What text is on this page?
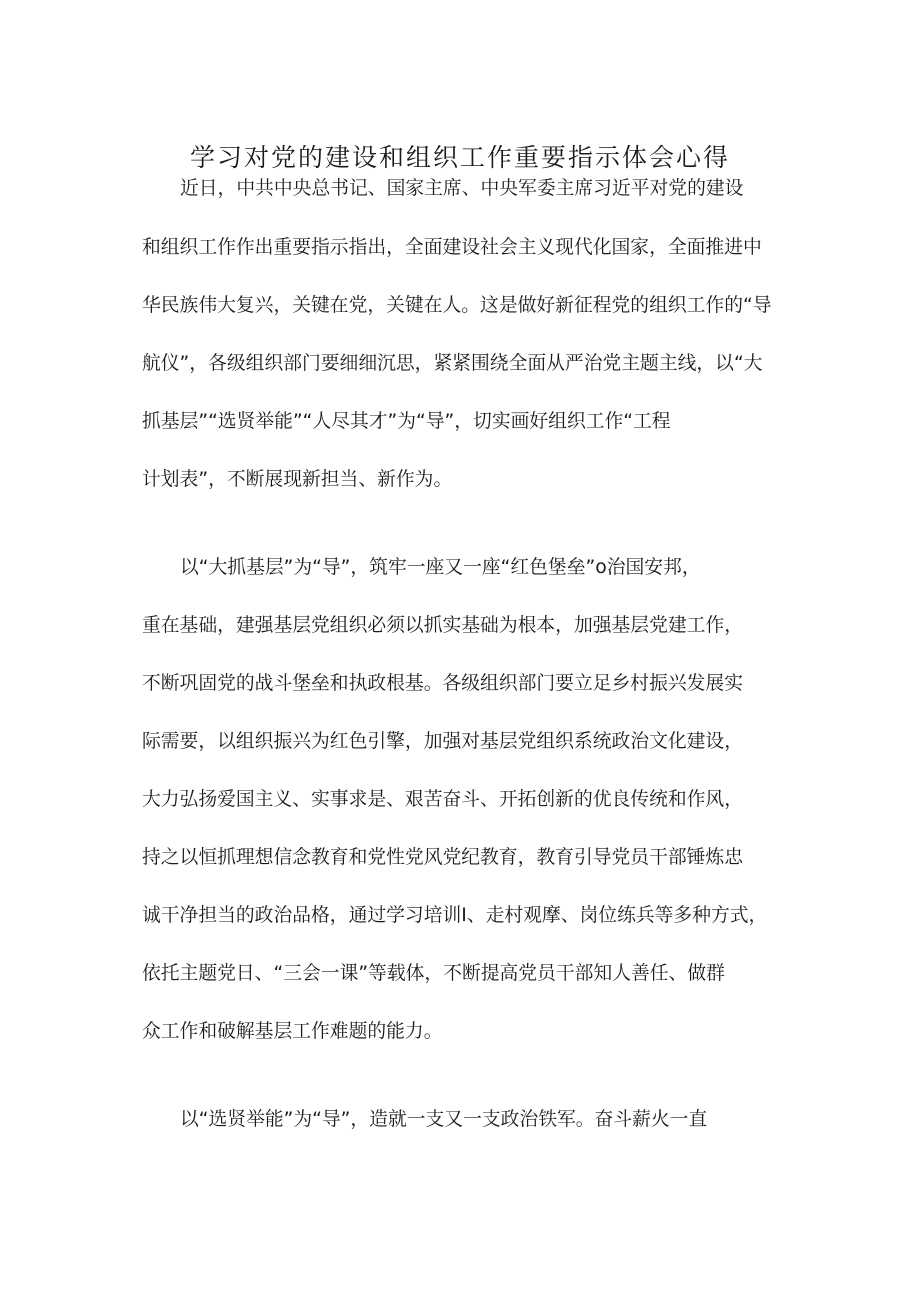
学习对党的建设和组织工作重要指示体会心得

近日，中共中央总书记、国家主席、中央军委主席习近平对党的建设

和组织工作作出重要指示指出，全面建设社会主义现代化国家，全面推进中

华民族伟大复兴，关键在党，关键在人。这是做好新征程党的组织工作的“导

航仪”，各级组织部门要细细沉思，紧紧围绕全面从严治党主题主线，以“大

抓基层”“选贤举能”“人尽其才”为“导”，切实画好组织工作“工程

计划表”，不断展现新担当、新作为。

以“大抓基层”为“导”，筑牢一座又一座“红色堡垒”o治国安邦，

重在基础，建强基层党组织必须以抓实基础为根本，加强基层党建工作，

不断巩固党的战斗堡垒和执政根基。各级组织部门要立足乡村振兴发展实

际需要，以组织振兴为红色引擎，加强对基层党组织系统政治文化建设，

大力弘扬爱国主义、实事求是、艰苦奋斗、开拓创新的优良传统和作风，

持之以恒抓理想信念教育和党性党风党纪教育，教育引导党员干部锤炼忠

诚干净担当的政治品格，通过学习培训I、走村观摩、岗位练兵等多种方式，

依托主题党日、“三会一课”等载体，不断提高党员干部知人善任、做群

众工作和破解基层工作难题的能力。

以“选贤举能”为“导”，造就一支又一支政治铁军。奋斗薪火一直
